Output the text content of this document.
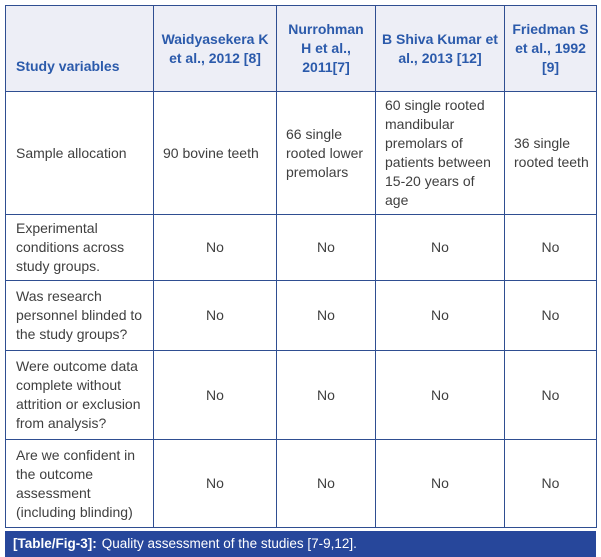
Study variables	Waidyasekera K et al., 2012 [8]	Nurrohman H et al., 2011[7]	B Shiva Kumar et al., 2013 [12]	Friedman S et al., 1992 [9]
Sample allocation	90 bovine teeth	66 single rooted lower premolars	60 single rooted mandibular premolars of patients between 15-20 years of age	36 single rooted teeth
Experimental conditions across study groups.	No	No	No	No
Was research personnel blinded to the study groups?	No	No	No	No
Were outcome data complete without attrition or exclusion from analysis?	No	No	No	No
Are we confident in the outcome assessment (including blinding)	No	No	No	No
[Table/Fig-3]: Quality assessment of the studies [7-9,12].
